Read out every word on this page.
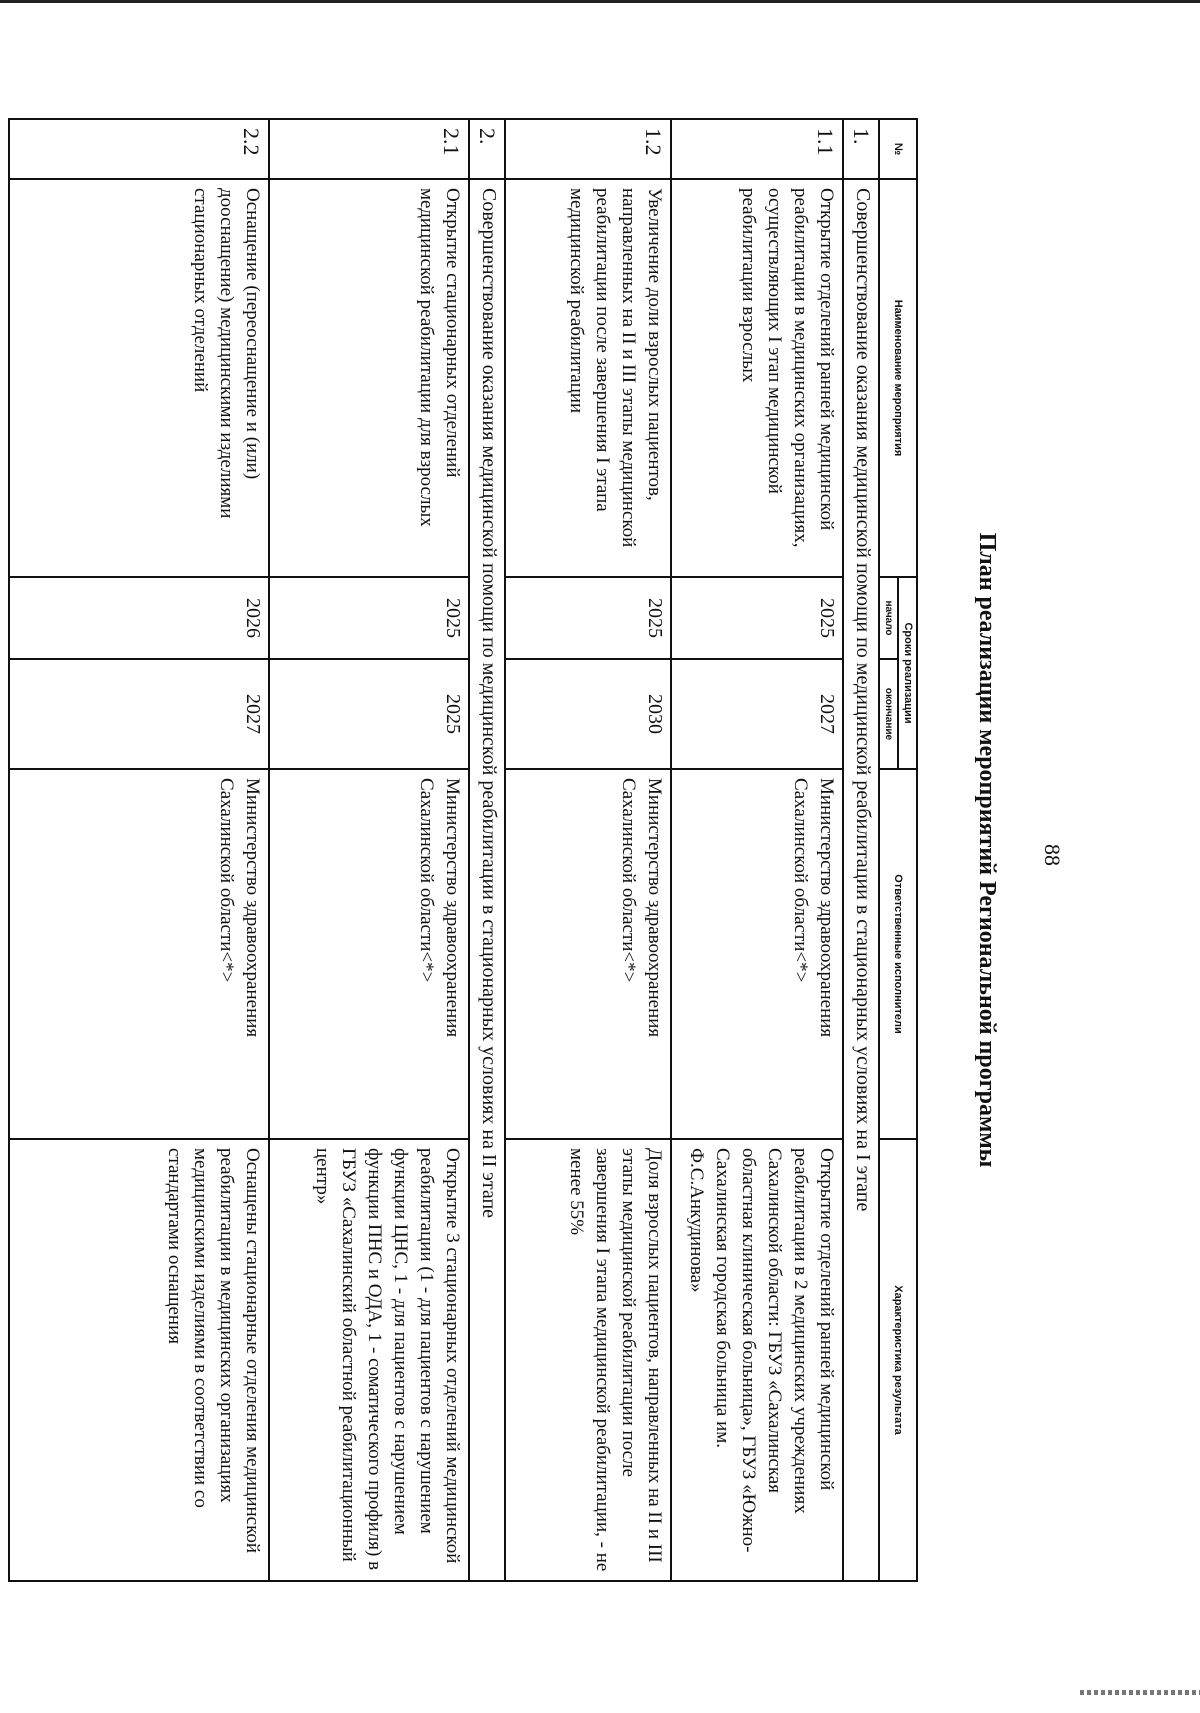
88
План реализации мероприятий Региональной программы
№	Наименование мероприятия	Сроки реализации		Ответственные исполнители	Характеристика результата
		начало	окончание		
1.	Совершенствование оказания медицинской помощи по медицинской реабилитации в стационарных условиях на I этапе				
1.1	Открытие отделений ранней медицинской реабилитации в медицинских организациях, осуществляющих I этап медицинской реабилитации взрослых	2025	2027	Министерство здравоохранения Сахалинской области<*>	Открытие отделений ранней медицинской реабилитации в 2 медицинских учреждениях Сахалинской области: ГБУЗ «Сахалинская областная клиническая больница», ГБУЗ «Южно-Сахалинская городская больница им. Ф.С.Анкудинова»
1.2	Увеличение доли взрослых пациентов, направленных на II и III этапы медицинской реабилитации после завершения I этапа медицинской реабилитации	2025	2030	Министерство здравоохранения Сахалинской области<*>	Доля взрослых пациентов, направленных на II и III этапы медицинской реабилитации после завершения I этапа медицинской реабилитации, - не менее 55%
2.	Совершенствование оказания медицинской помощи по медицинской реабилитации в стационарных условиях на II этапе				
2.1	Открытие стационарных отделений медицинской реабилитации для взрослых	2025	2025	Министерство здравоохранения Сахалинской области<*>	Открытие 3 стационарных отделений медицинской реабилитации (1 - для пациентов с нарушением функции ЦНС, 1 - для пациентов с нарушением функции ПНС и ОДА, 1 - соматического профиля) в ГБУЗ «Сахалинский областной реабилитационный центр»
2.2	Оснащение (переоснащение и (или) дооснащение) медицинскими изделиями стационарных отделений	2026	2027	Министерство здравоохранения Сахалинской области<*>	Оснащены стационарные отделения медицинской реабилитации в медицинских организациях медицинскими изделиями в соответствии со стандартами оснащения
